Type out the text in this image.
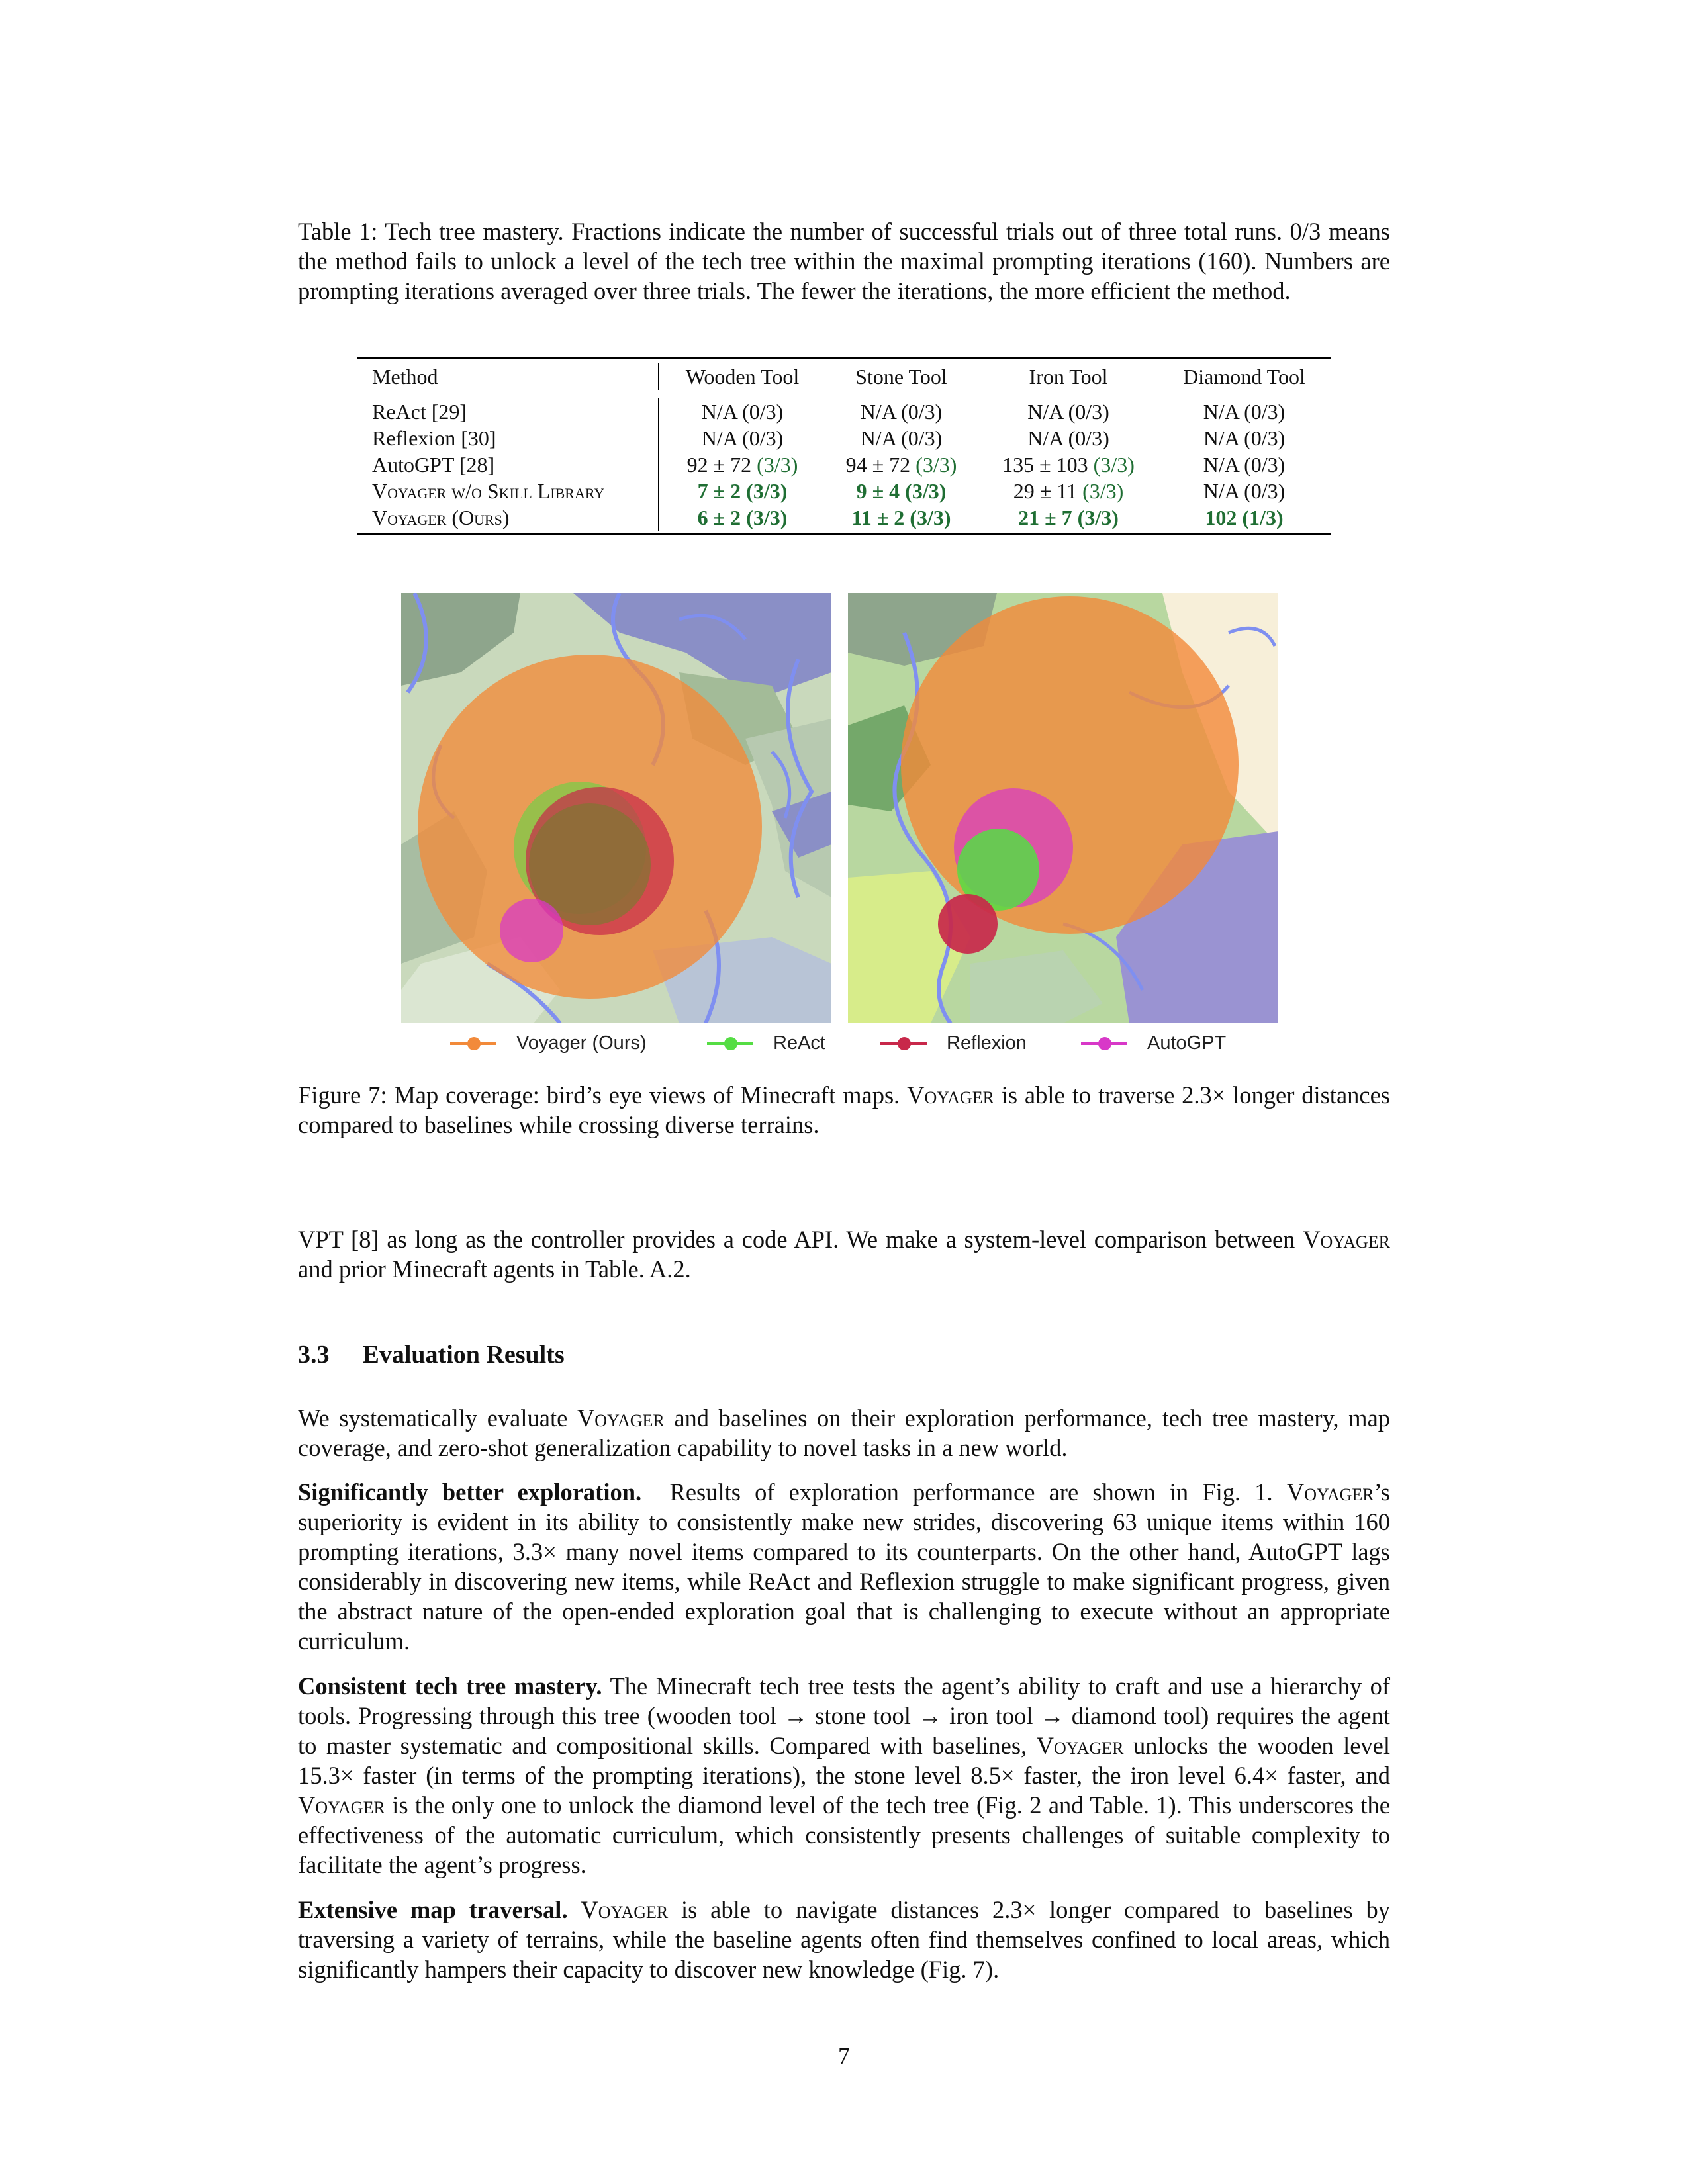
Table 1: Tech tree mastery. Fractions indicate the number of successful trials out of three total runs. 0/3 means the method fails to unlock a level of the tech tree within the maximal prompting iterations (160). Numbers are prompting iterations averaged over three trials. The fewer the iterations, the more efficient the method.
Method		Wooden Tool	Stone Tool	Iron Tool	Diamond Tool
ReAct [29]		N/A (0/3)	N/A (0/3)	N/A (0/3)	N/A (0/3)
Reflexion [30]		N/A (0/3)	N/A (0/3)	N/A (0/3)	N/A (0/3)
AutoGPT [28]		92 ± 72 (3/3)	94 ± 72 (3/3)	135 ± 103 (3/3)	N/A (0/3)
Voyager w/o Skill Library		7 ± 2 (3/3)	9 ± 4 (3/3)	29 ± 11 (3/3)	N/A (0/3)
Voyager (Ours)		6 ± 2 (3/3)	11 ± 2 (3/3)	21 ± 7 (3/3)	102 (1/3)
Voyager (Ours)	ReAct	Reflexion	AutoGPT
Figure 7: Map coverage: bird’s eye views of Minecraft maps. Voyager is able to traverse 2.3× longer distances compared to baselines while crossing diverse terrains.
VPT [8] as long as the controller provides a code API. We make a system-level comparison between Voyager and prior Minecraft agents in Table. A.2.
3.3 Evaluation Results
We systematically evaluate Voyager and baselines on their exploration performance, tech tree mastery, map coverage, and zero-shot generalization capability to novel tasks in a new world.
Significantly better exploration. Results of exploration performance are shown in Fig. 1. Voyager’s superiority is evident in its ability to consistently make new strides, discovering 63 unique items within 160 prompting iterations, 3.3× many novel items compared to its counterparts. On the other hand, AutoGPT lags considerably in discovering new items, while ReAct and Reflexion struggle to make significant progress, given the abstract nature of the open-ended exploration goal that is challenging to execute without an appropriate curriculum.
Consistent tech tree mastery. The Minecraft tech tree tests the agent’s ability to craft and use a hierarchy of tools. Progressing through this tree (wooden tool → stone tool → iron tool → diamond tool) requires the agent to master systematic and compositional skills. Compared with baselines, Voyager unlocks the wooden level 15.3× faster (in terms of the prompting iterations), the stone level 8.5× faster, the iron level 6.4× faster, and Voyager is the only one to unlock the diamond level of the tech tree (Fig. 2 and Table. 1). This underscores the effectiveness of the automatic curriculum, which consistently presents challenges of suitable complexity to facilitate the agent’s progress.
Extensive map traversal. Voyager is able to navigate distances 2.3× longer compared to baselines by traversing a variety of terrains, while the baseline agents often find themselves confined to local areas, which significantly hampers their capacity to discover new knowledge (Fig. 7).
7
